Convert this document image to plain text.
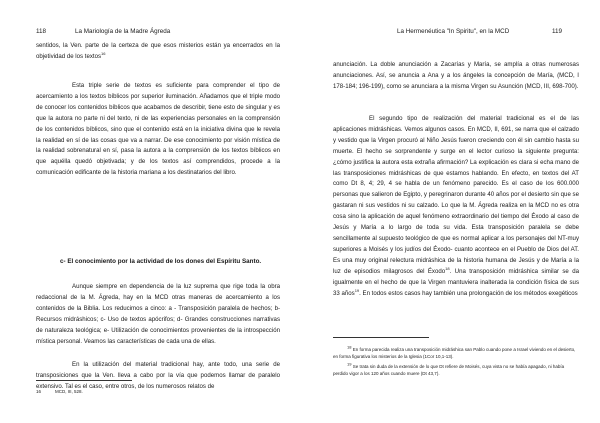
118	La Mariología de la Madre Ágreda
sentidos, la Ven. parte de la certeza de que esos misterios están ya encerrados en la objetividad de los textos$^{16}$
Esta triple serie de textos es suficiente para comprender el tipo de acercamiento a los textos bíblicos por superior iluminación. Añadamos que el triple modo de conocer los contenidos bíblicos que acabamos de describir, tiene esto de singular y es que la autora no parte ni del texto, ni de las experiencias personales en la comprensión de los contenidos bíblicos, sino que el contenido está en la iniciativa divina que le revela la realidad en sí de las cosas que va a narrar. De ese conocimiento por visión mística de la realidad sobrenatural en sí, pasa la autora a la comprensión de los textos bíblicos en que aquélla quedó objetivada; y de los textos así comprendidos, procede a la comunicación edificante de la historia mariana a los destinatarios del libro.
c- El conocimiento por la actividad de los dones del Espíritu Santo.
Aunque siempre en dependencia de la luz suprema que rige toda la obra redaccional de la M. Ágreda, hay en la MCD otras maneras de acercamiento a los contenidos de la Biblia. Los reducimos a cinco: a - Transposición paralela de hechos; b- Recursos midráshicos; c- Uso de textos apócrifos; d- Grandes construcciones narrativas de naturaleza teológica; e- Utilización de conocimientos provenientes de la introspección mística personal. Veamos las características de cada una de ellas.
En la utilización del material tradicional hay, ante todo, una serie de transposiciones que la Ven. lleva a cabo por la vía que podemos llamar de paralelo extensivo. Tal es el caso, entre otros, de los numerosos relatos de
16	MCD, III, 528.
La Hermenéutica "In Spiritu", en la MCD	119
anunciación. La doble anunciación a Zacarías y María, se amplía a otras numerosas anunciaciones. Así, se anuncia a Ana y a los ángeles la concepción de María, (MCD, I 178-184; 196-199), como se anunciara a la misma Virgen su Asunción (MCD, III, 698-700).
El segundo tipo de realización del material tradicional es el de las aplicaciones midráshicas. Vemos algunos casos. En MCD, II, 691, se narra que el calzado y vestido que la Virgen procuró al Niño Jesús fueron creciendo con él sin cambio hasta su muerte. El hecho se sorprendente y surge en el lector curioso la siguiente pregunta: ¿cómo justifica la autora esta extraña afirmación? La explicación es clara si echa mano de las transposiciones midráshicas de que estamos hablando. En efecto, en textos del AT como Dt 8, 4; 29, 4 se habla de un fenómeno parecido. Es el caso de los 600.000 personas que salieron de Egipto, y peregrinaron durante 40 años por el desierto sin que se gastaran ni sus vestidos ni su calzado. Lo que la M. Ágreda realiza en la MCD no es otra cosa sino la aplicación de aquel fenómeno extraordinario del tiempo del Éxodo al caso de Jesús y María a lo largo de toda su vida. Esta transposición paralela se debe sencillamente al supuesto teológico de que es normal aplicar a los personajes del NT-muy superiores a Moisés y los judíos del Éxodo- cuanto acontece en el Pueblo de Dios del AT. Es una muy original relectura midráshica de la historia humana de Jesús y de María a la luz de episodios milagrosos del Éxodo$^{18}$. Una transposición midráshica similar se da igualmente en el hecho de que la Virgen mantuviera inalterada la condición física de sus 33 años$^{19}$. En todos estos casos hay también una prolongación de los métodos exegéticos
$^{18}$ En forma parecida realiza una transposición midráshica san Pablo cuando pone a Israel viviendo en el desierto, en forma figurativa los misterios de la Iglesia (1Cor 10,1-13).
$^{19}$ Se trata sin duda de la extensión de lo que Dt refiere de Moisés, cuya vista no se había apagado, ni había perdido vigor a los 120 años cuando muere (Dt 43,7).
